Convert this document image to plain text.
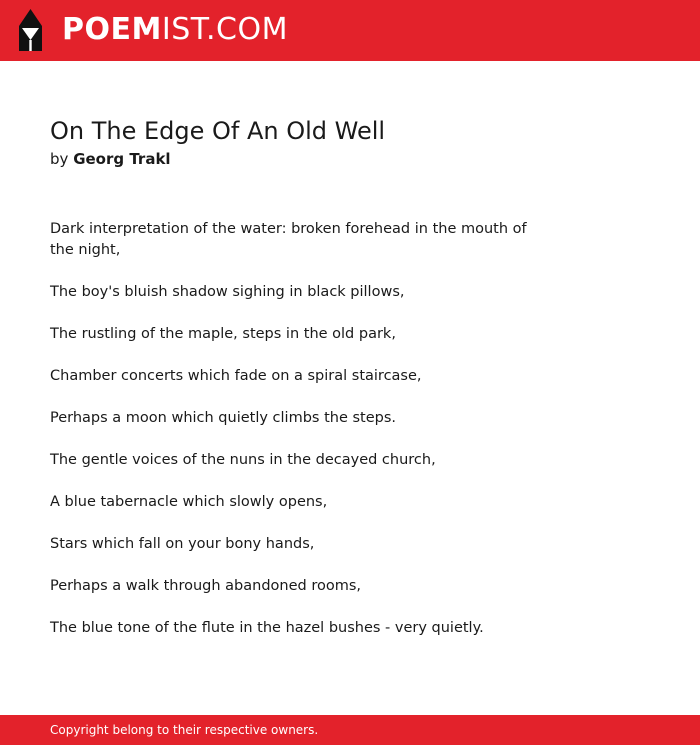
POEMIST.COM
On The Edge Of An Old Well
by Georg Trakl
Dark interpretation of the water: broken forehead in the mouth of the night,
The boy's bluish shadow sighing in black pillows,
The rustling of the maple, steps in the old park,
Chamber concerts which fade on a spiral staircase,
Perhaps a moon which quietly climbs the steps.
The gentle voices of the nuns in the decayed church,
A blue tabernacle which slowly opens,
Stars which fall on your bony hands,
Perhaps a walk through abandoned rooms,
The blue tone of the flute in the hazel bushes - very quietly.
Copyright belong to their respective owners.
